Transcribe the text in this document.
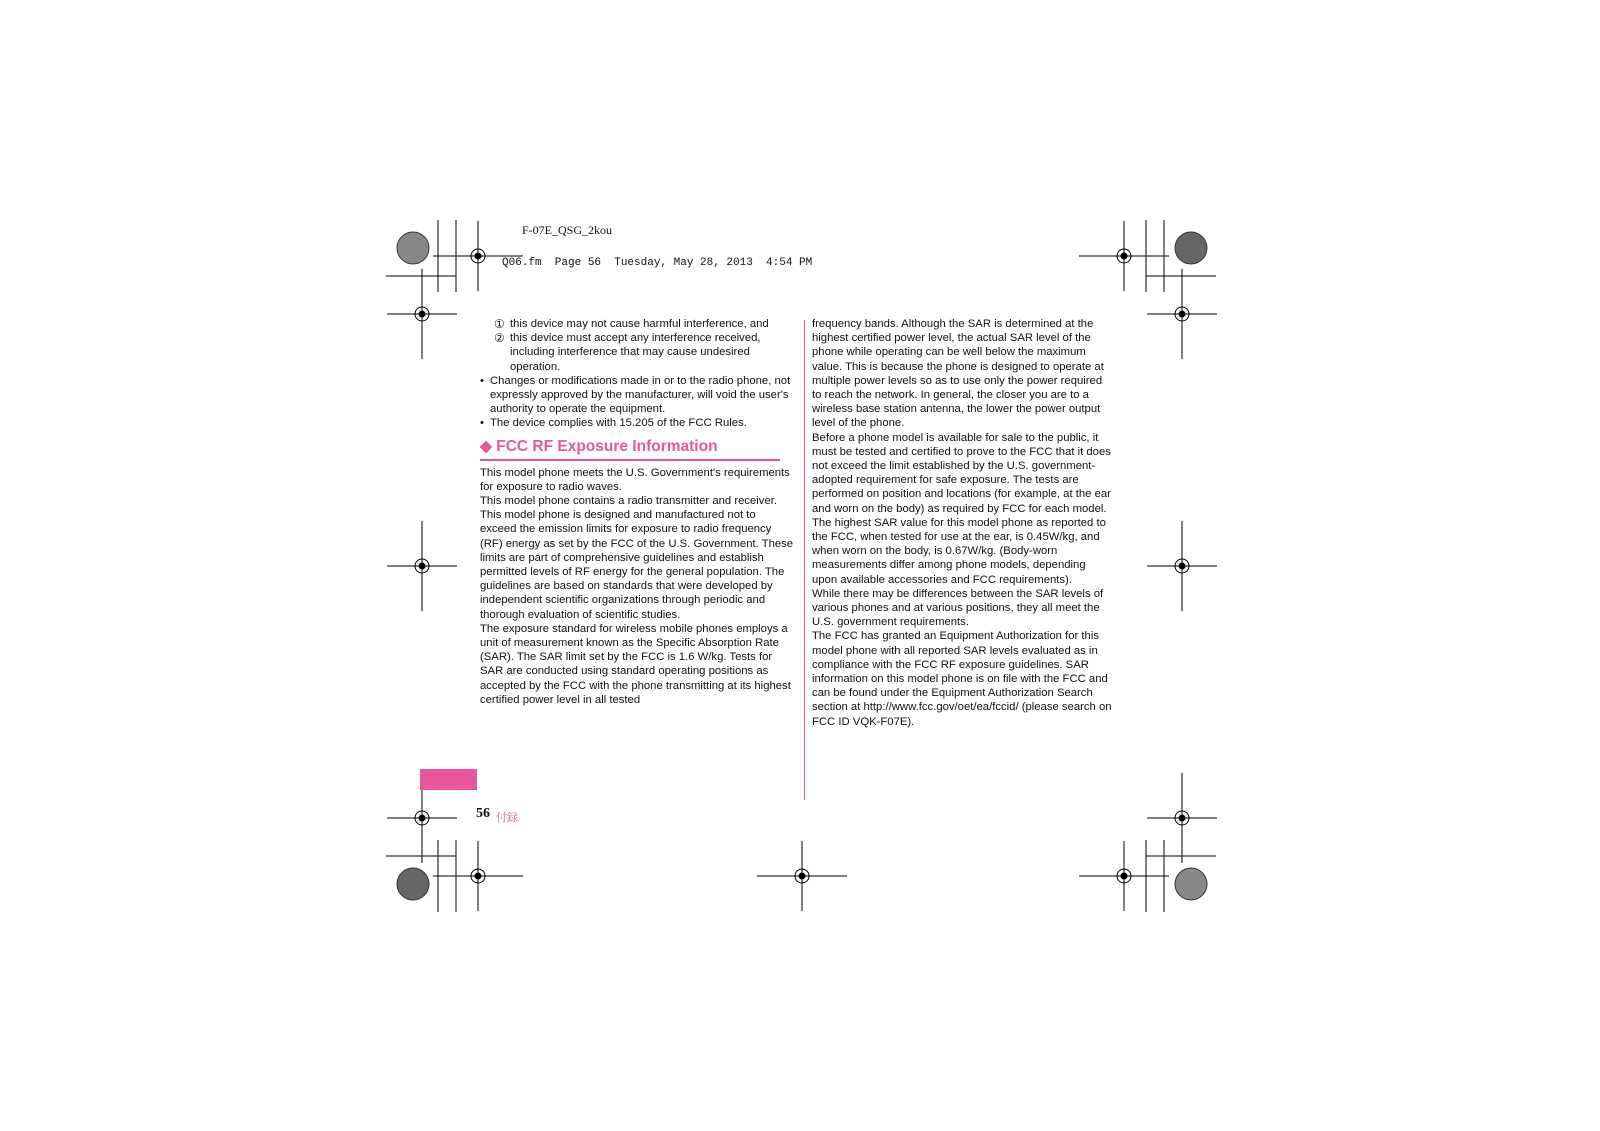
F-07E_QSG_2kou
Q06.fm  Page 56  Tuesday, May 28, 2013  4:54 PM
① this device may not cause harmful interference, and
② this device must accept any interference received, including interference that may cause undesired operation.
• Changes or modifications made in or to the radio phone, not expressly approved by the manufacturer, will void the user's authority to operate the equipment.
• The device complies with 15.205 of the FCC Rules.
◆ FCC RF Exposure Information

This model phone meets the U.S. Government's requirements for exposure to radio waves.

This model phone contains a radio transmitter and receiver. This model phone is designed and manufactured not to exceed the emission limits for exposure to radio frequency (RF) energy as set by the FCC of the U.S. Government. These limits are part of comprehensive guidelines and establish permitted levels of RF energy for the general population. The guidelines are based on standards that were developed by independent scientific organizations through periodic and thorough evaluation of scientific studies.

The exposure standard for wireless mobile phones employs a unit of measurement known as the Specific Absorption Rate (SAR). The SAR limit set by the FCC is 1.6 W/kg. Tests for SAR are conducted using standard operating positions as accepted by the FCC with the phone transmitting at its highest certified power level in all tested

frequency bands. Although the SAR is determined at the highest certified power level, the actual SAR level of the phone while operating can be well below the maximum value. This is because the phone is designed to operate at multiple power levels so as to use only the power required to reach the network. In general, the closer you are to a wireless base station antenna, the lower the power output level of the phone.

Before a phone model is available for sale to the public, it must be tested and certified to prove to the FCC that it does not exceed the limit established by the U.S. government-adopted requirement for safe exposure. The tests are performed on position and locations (for example, at the ear and worn on the body) as required by FCC for each model. The highest SAR value for this model phone as reported to the FCC, when tested for use at the ear, is 0.45W/kg, and when worn on the body, is 0.67W/kg. (Body-worn measurements differ among phone models, depending upon available accessories and FCC requirements).

While there may be differences between the SAR levels of various phones and at various positions, they all meet the U.S. government requirements.

The FCC has granted an Equipment Authorization for this model phone with all reported SAR levels evaluated as in compliance with the FCC RF exposure guidelines. SAR information on this model phone is on file with the FCC and can be found under the Equipment Authorization Search section at http://www.fcc.gov/oet/ea/fccid/ (please search on FCC ID VQK-F07E).

56 付録
